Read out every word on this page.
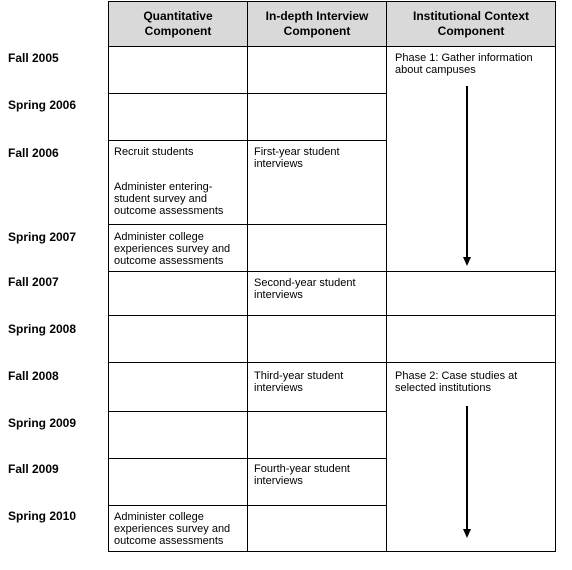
Quantitative
Component
In-depth Interview
Component
Institutional Context
Component
Fall 2005
Spring 2006
Fall 2006
Spring 2007
Fall 2007
Spring 2008
Fall 2008
Spring 2009
Fall 2009
Spring 2010
Recruit students
Administer entering-
student survey and
outcome assessments
Administer college
experiences survey and
outcome assessments
Administer college
experiences survey and
outcome assessments
First-year student
interviews
Second-year student
interviews
Third-year student
interviews
Fourth-year student
interviews
Phase 1: Gather information
about campuses
Phase 2: Case studies at
selected institutions
